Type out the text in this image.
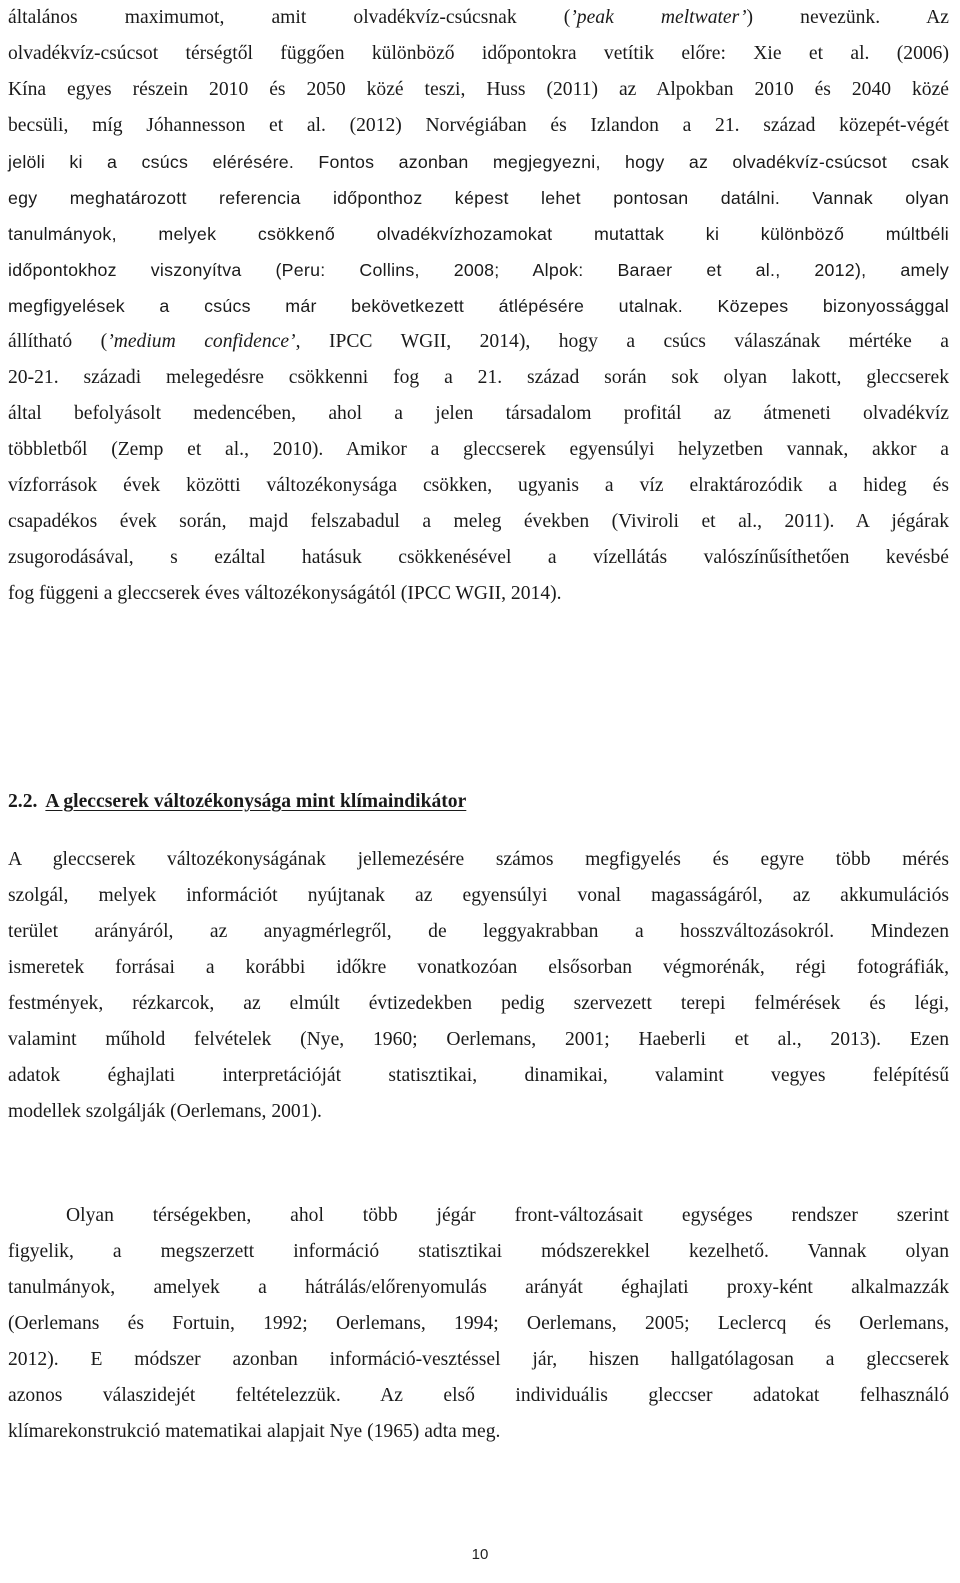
általános maximumot, amit olvadékvíz-csúcsnak (’peak meltwater’) nevezünk. Az
olvadékvíz-csúcsot térségtől függően különböző időpontokra vetítik előre: Xie et al. (2006)
Kína egyes részein 2010 és 2050 közé teszi, Huss (2011) az Alpokban 2010 és 2040 közé
becsüli, míg Jóhannesson et al. (2012) Norvégiában és Izlandon a 21. század közepét-végét
jelöli ki a csúcs elérésére. Fontos azonban megjegyezni, hogy az olvadékvíz-csúcsot csak
egy meghatározott referencia időponthoz képest lehet pontosan datálni. Vannak olyan
tanulmányok, melyek csökkenő olvadékvízhozamokat mutattak ki különböző múltbéli
időpontokhoz viszonyítva (Peru: Collins, 2008; Alpok: Baraer et al., 2012), amely
megfigyelések a csúcs már bekövetkezett átlépésére utalnak. Közepes bizonyossággal
állítható (’medium confidence’, IPCC WGII, 2014), hogy a csúcs válaszának mértéke a
20-21. századi melegedésre csökkenni fog a 21. század során sok olyan lakott, gleccserek
által befolyásolt medencében, ahol a jelen társadalom profitál az átmeneti olvadékvíz
többletből (Zemp et al., 2010). Amikor a gleccserek egyensúlyi helyzetben vannak, akkor a
vízforrások évek közötti változékonysága csökken, ugyanis a víz elraktározódik a hideg és
csapadékos évek során, majd felszabadul a meleg években (Viviroli et al., 2011). A jégárak
zsugorodásával, s ezáltal hatásuk csökkenésével a vízellátás valószínűsíthetően kevésbé
fog függeni a gleccserek éves változékonyságától (IPCC WGII, 2014).
2.2. A gleccserek változékonysága mint klímaindikátor
A gleccserek változékonyságának jellemezésére számos megfigyelés és egyre több mérés
szolgál, melyek információt nyújtanak az egyensúlyi vonal magasságáról, az akkumulációs
terület arányáról, az anyagmérlegről, de leggyakrabban a hosszváltozásokról. Mindezen
ismeretek forrásai a korábbi időkre vonatkozóan elsősorban végmorénák, régi fotográfiák,
festmények, rézkarcok, az elmúlt évtizedekben pedig szervezett terepi felmérések és légi,
valamint műhold felvételek (Nye, 1960; Oerlemans, 2001; Haeberli et al., 2013). Ezen
adatok éghajlati interpretációját statisztikai, dinamikai, valamint vegyes felépítésű
modellek szolgálják (Oerlemans, 2001).
Olyan térségekben, ahol több jégár front-változásait egységes rendszer szerint
figyelik, a megszerzett információ statisztikai módszerekkel kezelhető. Vannak olyan
tanulmányok, amelyek a hátrálás/előrenyomulás arányát éghajlati proxy-ként alkalmazzák
(Oerlemans és Fortuin, 1992; Oerlemans, 1994; Oerlemans, 2005; Leclercq és Oerlemans,
2012). E módszer azonban információ-vesztéssel jár, hiszen hallgatólagosan a gleccserek
azonos válaszidejét feltételezzük. Az első individuális gleccser adatokat felhasználó
klímarekonstrukció matematikai alapjait Nye (1965) adta meg.
10
